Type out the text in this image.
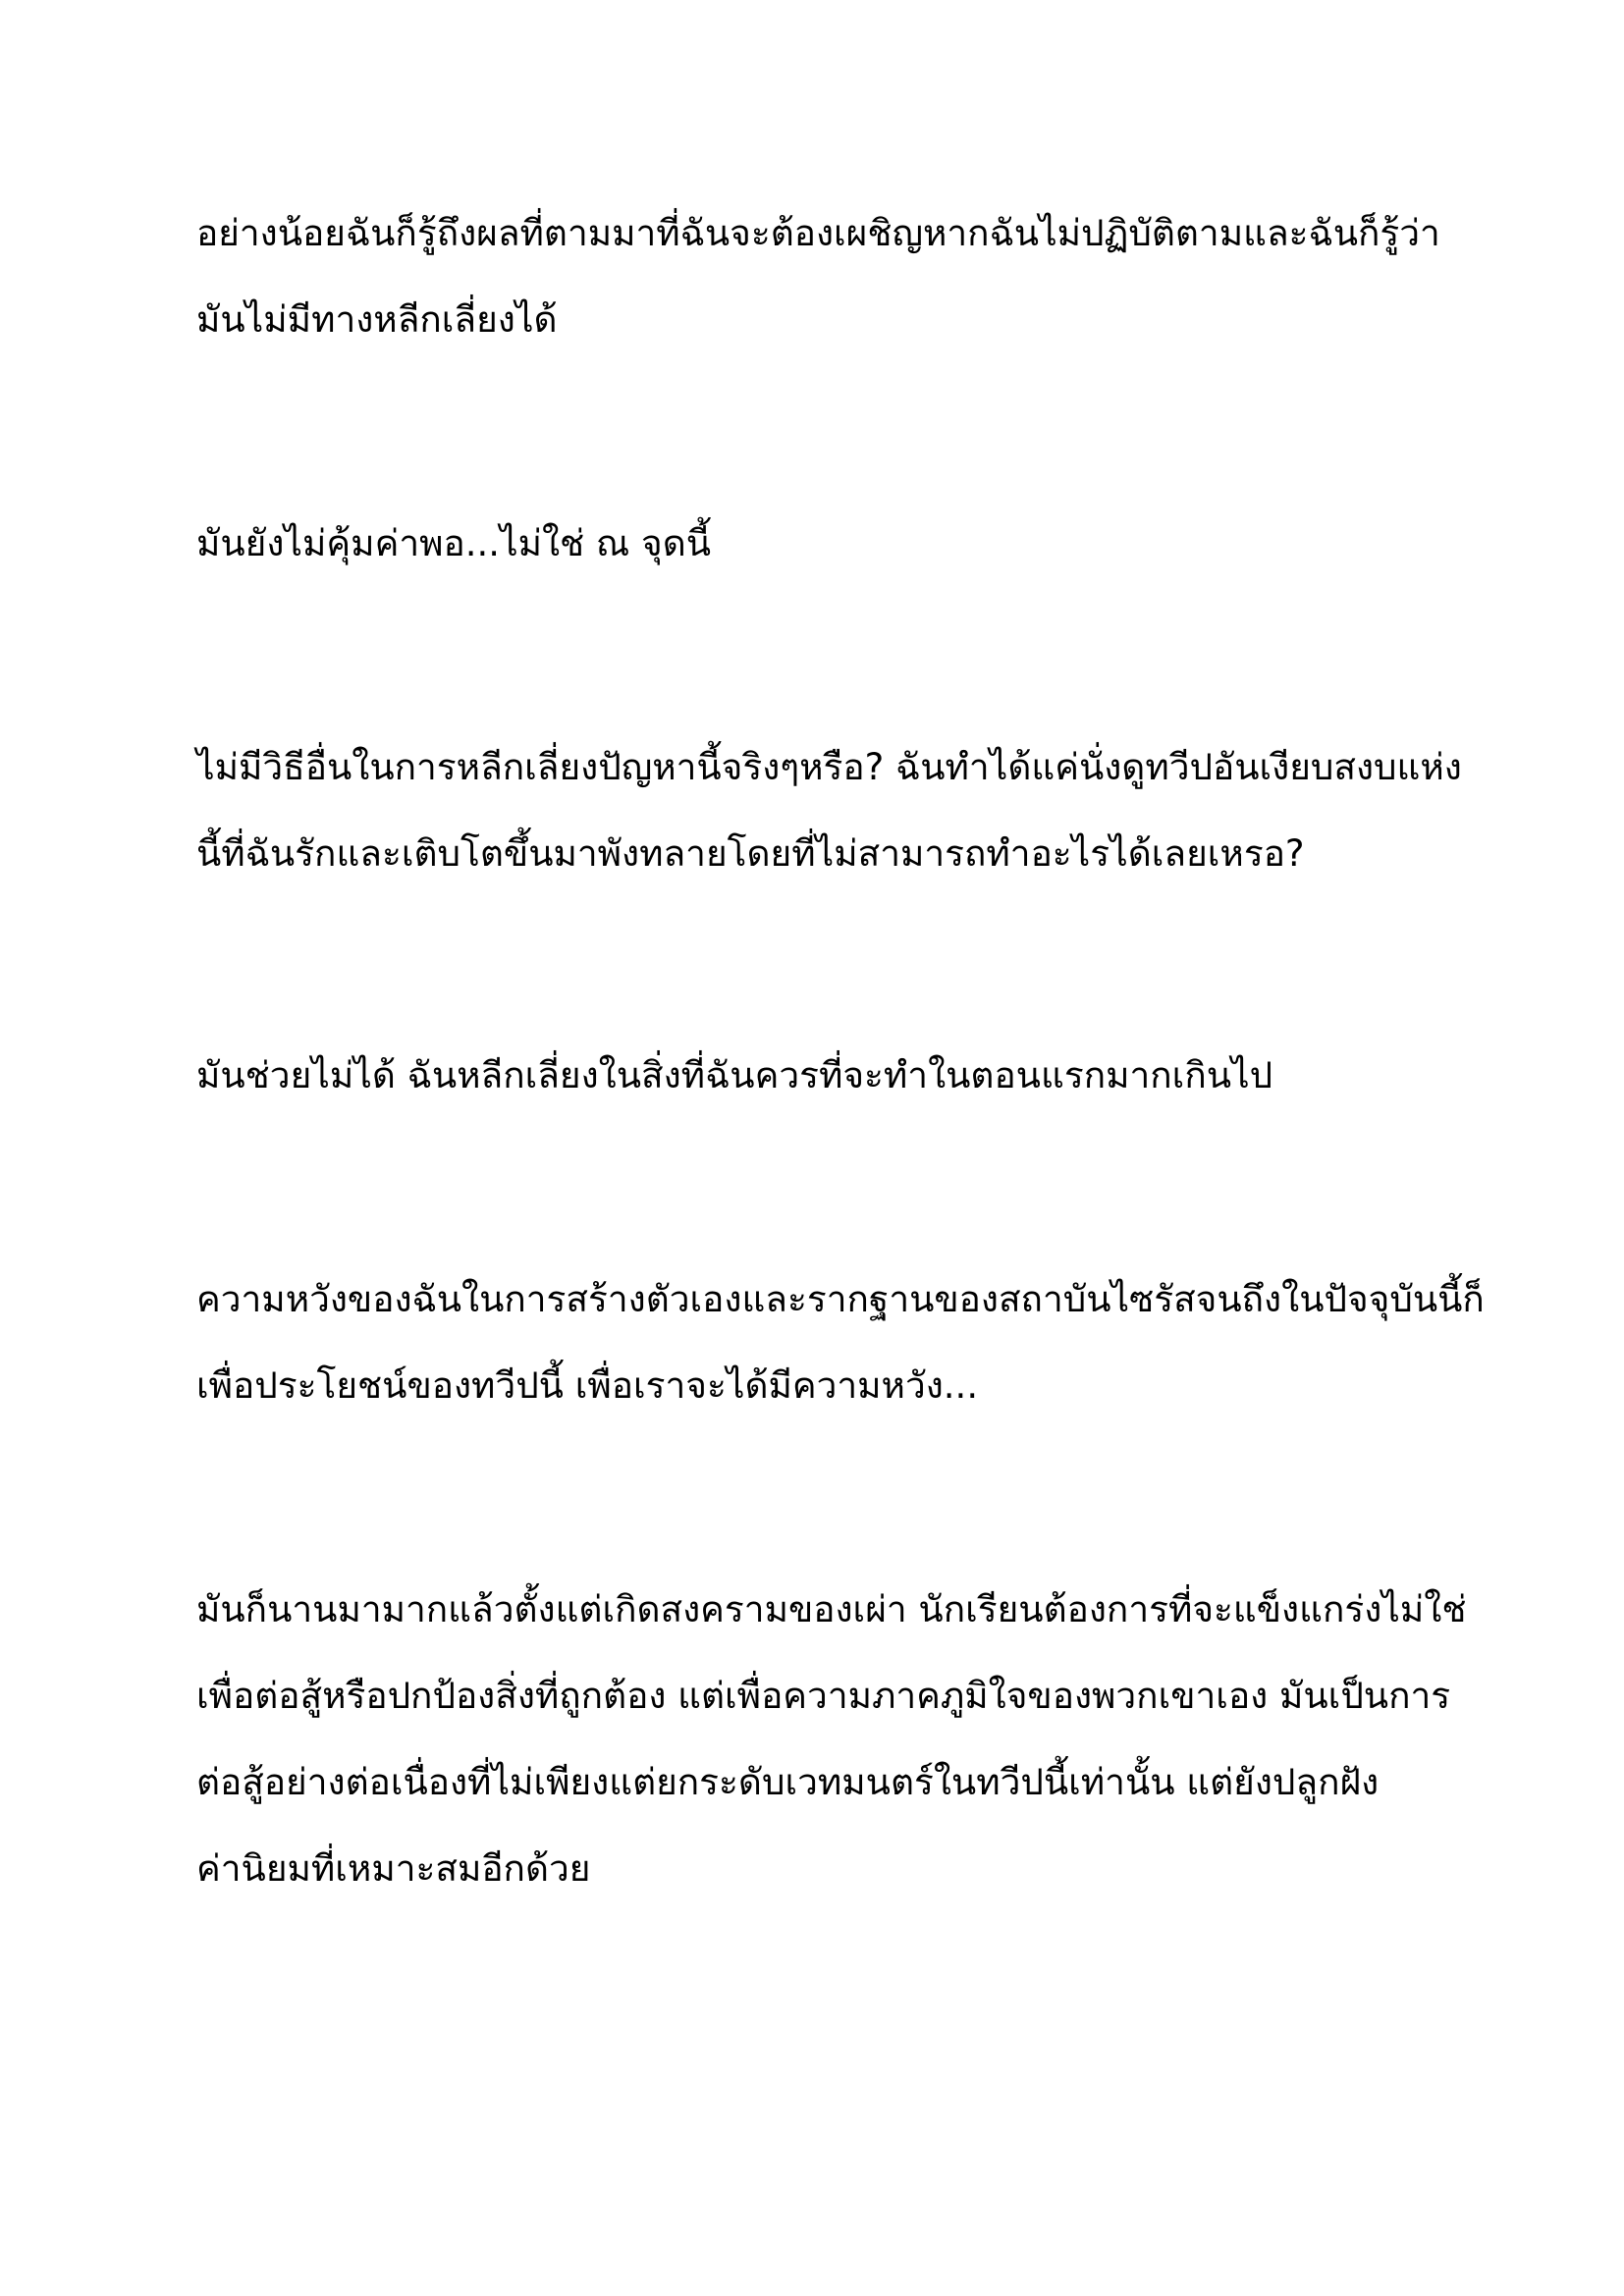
อย่างน้อยฉันก็รู้ถึงผลที่ตามมาที่ฉันจะต้องเผชิญหากฉันไม่ปฏิบัติตามและฉันก็รู้ว่า
มันไม่มีทางหลีกเลี่ยงได้

มันยังไม่คุ้มค่าพอ...ไม่ใช่ ณ จุดนี้

ไม่มีวิธีอื่นในการหลีกเลี่ยงปัญหานี้จริงๆหรือ? ฉันทำได้แค่นั่งดูทวีปอันเงียบสงบแห่ง
นี้ที่ฉันรักและเติบโตขึ้นมาพังทลายโดยที่ไม่สามารถทำอะไรได้เลยเหรอ?

มันช่วยไม่ได้ ฉันหลีกเลี่ยงในสิ่งที่ฉันควรที่จะทำในตอนแรกมากเกินไป

ความหวังของฉันในการสร้างตัวเองและรากฐานของสถาบันไซรัสจนถึงในปัจจุบันนี้ก็
เพื่อประโยชน์ของทวีปนี้ เพื่อเราจะได้มีความหวัง...

มันก็นานมามากแล้วตั้งแต่เกิดสงครามของเผ่า นักเรียนต้องการที่จะแข็งแกร่งไม่ใช่
เพื่อต่อสู้หรือปกป้องสิ่งที่ถูกต้อง แต่เพื่อความภาคภูมิใจของพวกเขาเอง มันเป็นการ
ต่อสู้อย่างต่อเนื่องที่ไม่เพียงแต่ยกระดับเวทมนตร์ในทวีปนี้เท่านั้น แต่ยังปลูกฝัง
ค่านิยมที่เหมาะสมอีกด้วย
